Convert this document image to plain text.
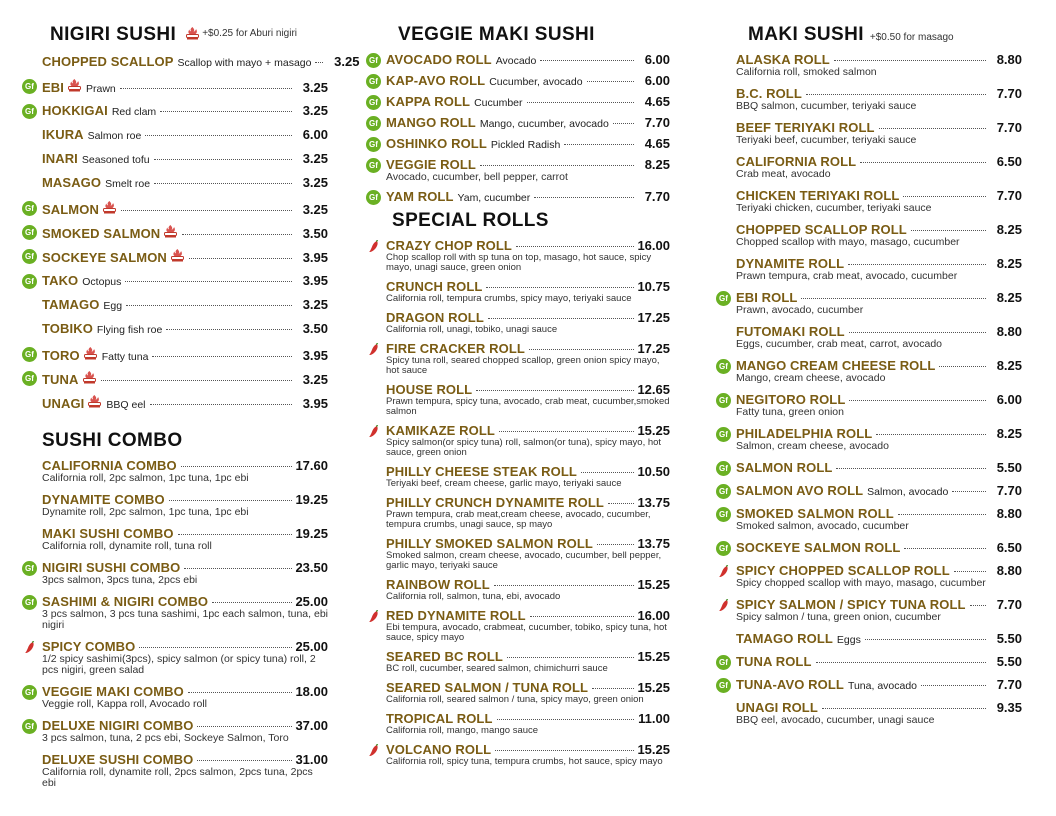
NIGIRI SUSHI	+$0.25 for Aburi nigiri
CHOPPED SCALLOP Scallop with mayo + masago	3.25
Gf EBI Prawn	3.25
Gf HOKKIGAI Red clam	3.25
IKURA Salmon roe	6.00
INARI Seasoned tofu	3.25
MASAGO Smelt roe	3.25
Gf SALMON	3.25
Gf SMOKED SALMON	3.50
Gf SOCKEYE SALMON	3.95
Gf TAKO Octopus	3.95
TAMAGO Egg	3.25
TOBIKO Flying fish roe	3.50
Gf TORO Fatty tuna	3.95
Gf TUNA	3.25
UNAGI BBQ eel	3.95
SUSHI COMBO
CALIFORNIA COMBO	17.60
California roll, 2pc salmon, 1pc tuna, 1pc ebi
DYNAMITE COMBO	19.25
Dynamite roll, 2pc salmon, 1pc tuna, 1pc ebi
MAKI SUSHI COMBO	19.25
California roll, dynamite roll, tuna roll
Gf NIGIRI SUSHI COMBO	23.50
3pcs salmon, 3pcs tuna, 2pcs ebi
Gf SASHIMI & NIGIRI COMBO	25.00
3 pcs salmon, 3 pcs tuna sashimi, 1pc each salmon, tuna, ebi nigiri
SPICY COMBO	25.00
1/2 spicy sashimi(3pcs), spicy salmon (or spicy tuna) roll, 2 pcs nigiri, green salad
Gf VEGGIE MAKI COMBO	18.00
Veggie roll, Kappa roll, Avocado roll
Gf DELUXE NIGIRI COMBO	37.00
3 pcs salmon, tuna, 2 pcs ebi, Sockeye Salmon, Toro
DELUXE SUSHI COMBO	31.00
California roll, dynamite roll, 2pcs salmon, 2pcs tuna, 2pcs ebi
VEGGIE MAKI SUSHI
Gf AVOCADO ROLL Avocado	6.00
Gf KAP-AVO ROLL Cucumber, avocado	6.00
Gf KAPPA ROLL Cucumber	4.65
Gf MANGO ROLL Mango, cucumber, avocado	7.70
Gf OSHINKO ROLL Pickled Radish	4.65
Gf VEGGIE ROLL	8.25
Avocado, cucumber, bell pepper, carrot
Gf YAM ROLL Yam, cucumber	7.70
SPECIAL ROLLS
CRAZY CHOP ROLL	16.00
Chop scallop roll with sp tuna on top, masago, hot sauce, spicy mayo, unagi sauce, green onion
CRUNCH ROLL	10.75
California roll, tempura crumbs, spicy mayo, teriyaki sauce
DRAGON ROLL	17.25
California roll, unagi, tobiko, unagi sauce
FIRE CRACKER ROLL	17.25
Spicy tuna roll, seared chopped scallop, green onion spicy mayo, hot sauce
HOUSE ROLL	12.65
Prawn tempura, spicy tuna, avocado, crab meat, cucumber,smoked salmon
KAMIKAZE ROLL	15.25
Spicy salmon(or spicy tuna) roll, salmon(or tuna), spicy mayo, hot sauce, green onion
PHILLY CHEESE STEAK ROLL	10.50
Teriyaki beef, cream cheese, garlic mayo, teriyaki sauce
PHILLY CRUNCH DYNAMITE ROLL	13.75
Prawn tempura, crab meat,cream cheese, avocado, cucumber, tempura crumbs, unagi sauce, sp mayo
PHILLY SMOKED SALMON ROLL	13.75
Smoked salmon, cream cheese, avocado, cucumber, bell pepper, garlic mayo, teriyaki sauce
RAINBOW ROLL	15.25
California roll, salmon, tuna, ebi, avocado
RED DYNAMITE ROLL	16.00
Ebi tempura, avocado, crabmeat, cucumber, tobiko, spicy tuna, hot sauce, spicy mayo
SEARED BC ROLL	15.25
BC roll, cucumber, seared salmon, chimichurri sauce
SEARED SALMON / TUNA ROLL	15.25
California roll, seared salmon / tuna, spicy mayo, green onion
TROPICAL ROLL	11.00
California roll, mango, mango sauce
VOLCANO ROLL	15.25
California roll, spicy tuna, tempura crumbs, hot sauce, spicy mayo
MAKI SUSHI +$0.50 for masago
ALASKA ROLL	8.80
California roll, smoked salmon
B.C. ROLL	7.70
BBQ salmon, cucumber, teriyaki sauce
BEEF TERIYAKI ROLL	7.70
Teriyaki beef, cucumber, teriyaki sauce
CALIFORNIA ROLL	6.50
Crab meat, avocado
CHICKEN TERIYAKI ROLL	7.70
Teriyaki chicken, cucumber, teriyaki sauce
CHOPPED SCALLOP ROLL	8.25
Chopped scallop with mayo, masago, cucumber
DYNAMITE ROLL	8.25
Prawn tempura, crab meat, avocado, cucumber
Gf EBI ROLL	8.25
Prawn, avocado, cucumber
FUTOMAKI ROLL	8.80
Eggs, cucumber, crab meat, carrot, avocado
Gf MANGO CREAM CHEESE ROLL	8.25
Mango, cream cheese, avocado
Gf NEGITORO ROLL	6.00
Fatty tuna, green onion
Gf PHILADELPHIA ROLL	8.25
Salmon, cream cheese, avocado
Gf SALMON ROLL	5.50
Gf SALMON AVO ROLL Salmon, avocado	7.70
Gf SMOKED SALMON ROLL	8.80
Smoked salmon, avocado, cucumber
Gf SOCKEYE SALMON ROLL	6.50
SPICY CHOPPED SCALLOP ROLL	8.80
Spicy chopped scallop with mayo, masago, cucumber
SPICY SALMON / SPICY TUNA ROLL	7.70
Spicy salmon / tuna, green onion, cucumber
TAMAGO ROLL Eggs	5.50
Gf TUNA ROLL	5.50
Gf TUNA-AVO ROLL Tuna, avocado	7.70
UNAGI ROLL	9.35
BBQ eel, avocado, cucumber, unagi sauce
